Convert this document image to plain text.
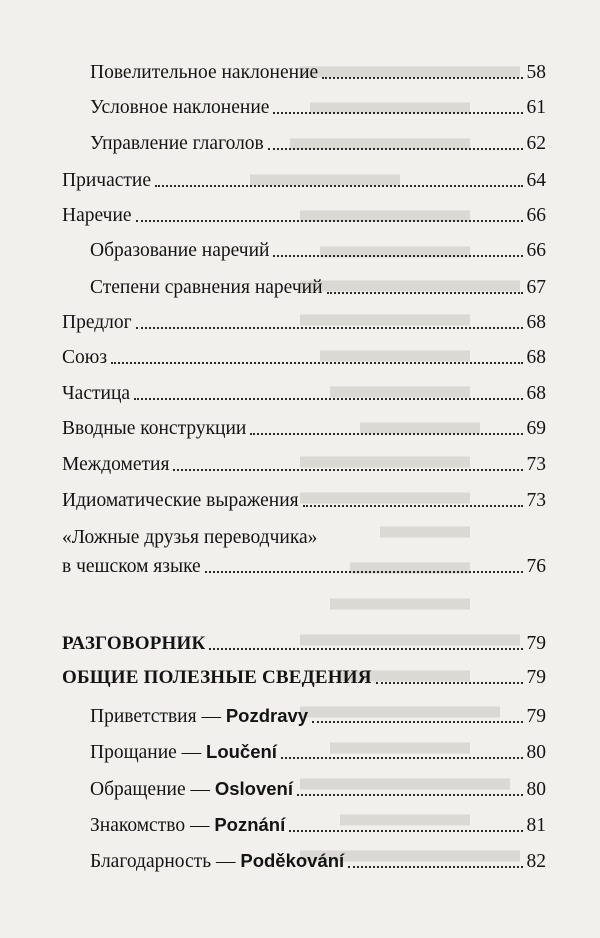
Повелительное наклонение	58
Условное наклонение	61
Управление глаголов	62
Причастие	64
Наречие	66
Образование наречий	66
Степени сравнения наречий	67
Предлог	68
Союз	68
Частица	68
Вводные конструкции	69
Междометия	73
Идиоматические выражения	73
«Ложные друзья переводчика»
в чешском языке	76
РАЗГОВОРНИК	79
ОБЩИЕ ПОЛЕЗНЫЕ СВЕДЕНИЯ	79
Приветствия — Pozdravy	79
Прощание — Loučení	80
Обращение — Oslovení	80
Знакомство — Poznání	81
Благодарность — Poděkování	82
